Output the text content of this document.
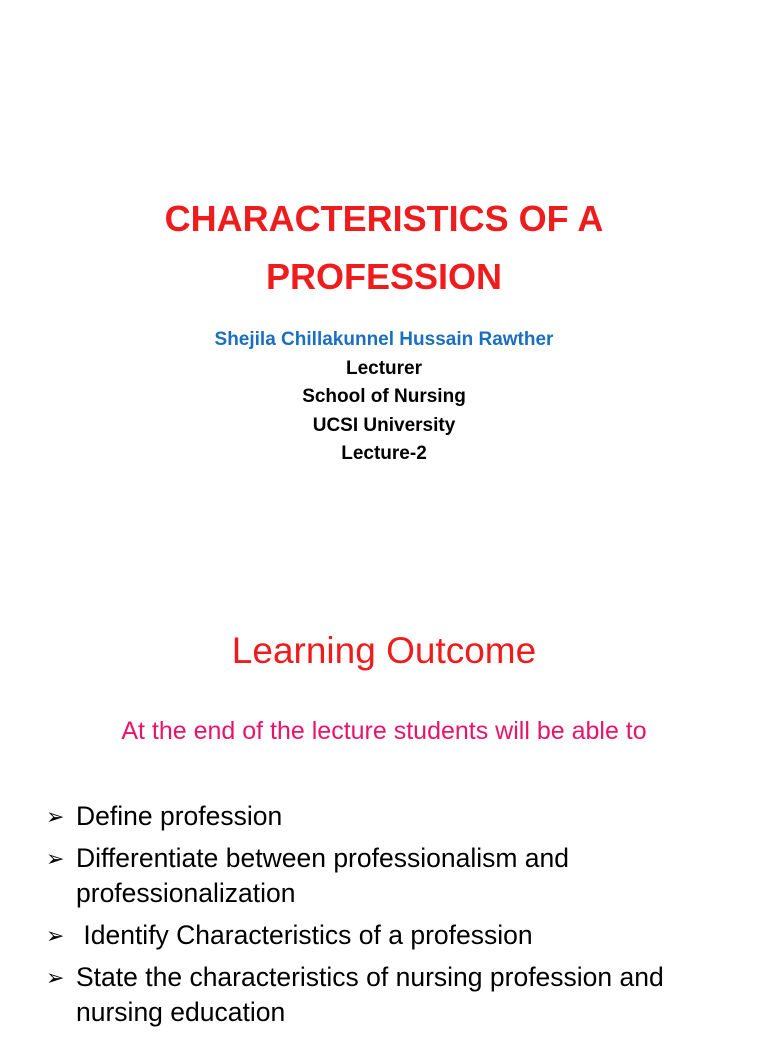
CHARACTERISTICS OF A
PROFESSION
Shejila Chillakunnel Hussain Rawther
Lecturer
School of Nursing
UCSI University
Lecture-2
Learning Outcome
At the end of the lecture students will be able to
➢ Define profession
➢ Differentiate between professionalism and professionalization
➢ Identify Characteristics of a profession
➢ State the characteristics of nursing profession and nursing education
